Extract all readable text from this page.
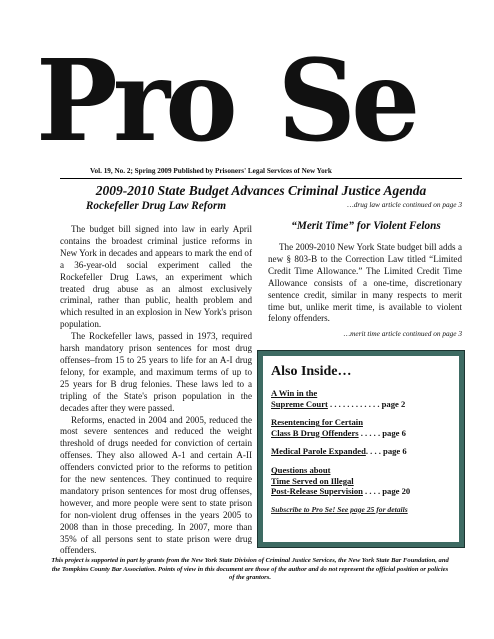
Pro Se
Vol. 19, No. 2; Spring 2009 Published by Prisoners' Legal Services of New York
2009-2010 State Budget Advances Criminal Justice Agenda
Rockefeller Drug Law Reform

The budget bill signed into law in early April contains the broadest criminal justice reforms in New York in decades and appears to mark the end of a 36-year-old social experiment called the Rockefeller Drug Laws, an experiment which treated drug abuse as an almost exclusively criminal, rather than public, health problem and which resulted in an explosion in New York's prison population.

The Rockefeller laws, passed in 1973, required harsh mandatory prison sentences for most drug offenses–from 15 to 25 years to life for an A-I drug felony, for example, and maximum terms of up to 25 years for B drug felonies. These laws led to a tripling of the State's prison population in the decades after they were passed.

Reforms, enacted in 2004 and 2005, reduced the most severe sentences and reduced the weight threshold of drugs needed for conviction of certain offenses. They also allowed A-1 and certain A-II offenders convicted prior to the reforms to petition for the new sentences. They continued to require mandatory prison sentences for most drug offenses, however, and more people were sent to state prison for non-violent drug offenses in the years 2005 to 2008 than in those preceding. In 2007, more than 35% of all persons sent to state prison were drug offenders.

…drug law article continued on page 3
“Merit Time” for Violent Felons

The 2009-2010 New York State budget bill adds a new § 803-B to the Correction Law titled “Limited Credit Time Allowance.” The Limited Credit Time Allowance consists of a one-time, discretionary sentence credit, similar in many respects to merit time but, unlike merit time, is available to violent felony offenders.

…merit time article continued on page 3
Also Inside…
A Win in the
Supreme Court . . . . . . . . . . . . page 2
Resentencing for Certain
Class B Drug Offenders . . . . . page 6
Medical Parole Expanded. . . . page 6
Questions about
Time Served on Illegal
Post-Release Supervision . . . . page 20
Subscribe to Pro Se! See page 25 for details
This project is supported in part by grants from the New York State Division of Criminal Justice Services, the New York State Bar Foundation, and the Tompkins County Bar Association. Points of view in this document are those of the author and do not represent the official position or policies of the grantors.
